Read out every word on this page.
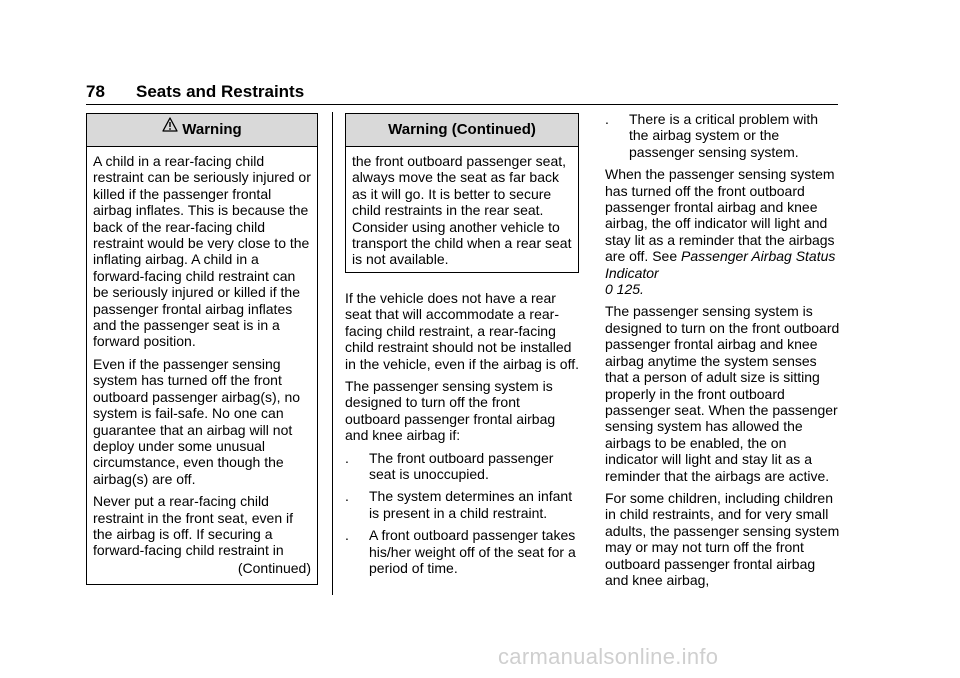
78 Seats and Restraints
Warning

A child in a rear-facing child restraint can be seriously injured or killed if the passenger frontal airbag inflates. This is because the back of the rear-facing child restraint would be very close to the inflating airbag. A child in a forward-facing child restraint can be seriously injured or killed if the passenger frontal airbag inflates and the passenger seat is in a forward position.

Even if the passenger sensing system has turned off the front outboard passenger airbag(s), no system is fail-safe. No one can guarantee that an airbag will not deploy under some unusual circumstance, even though the airbag(s) are off.

Never put a rear-facing child restraint in the front seat, even if the airbag is off. If securing a forward-facing child restraint in

(Continued)
Warning (Continued)

the front outboard passenger seat, always move the seat as far back as it will go. It is better to secure child restraints in the rear seat. Consider using another vehicle to transport the child when a rear seat is not available.

If the vehicle does not have a rear seat that will accommodate a rear-facing child restraint, a rear-facing child restraint should not be installed in the vehicle, even if the airbag is off.

The passenger sensing system is designed to turn off the front outboard passenger frontal airbag and knee airbag if:

.	The front outboard passenger seat is unoccupied.
.	The system determines an infant is present in a child restraint.
.	A front outboard passenger takes his/her weight off of the seat for a period of time.
.	There is a critical problem with the airbag system or the passenger sensing system.

When the passenger sensing system has turned off the front outboard passenger frontal airbag and knee airbag, the off indicator will light and stay lit as a reminder that the airbags are off. See Passenger Airbag Status Indicator
0 125.

The passenger sensing system is designed to turn on the front outboard passenger frontal airbag and knee airbag anytime the system senses that a person of adult size is sitting properly in the front outboard passenger seat. When the passenger sensing system has allowed the airbags to be enabled, the on indicator will light and stay lit as a reminder that the airbags are active.

For some children, including children in child restraints, and for very small adults, the passenger sensing system may or may not turn off the front outboard passenger frontal airbag and knee airbag,

carmanualsonline.info
